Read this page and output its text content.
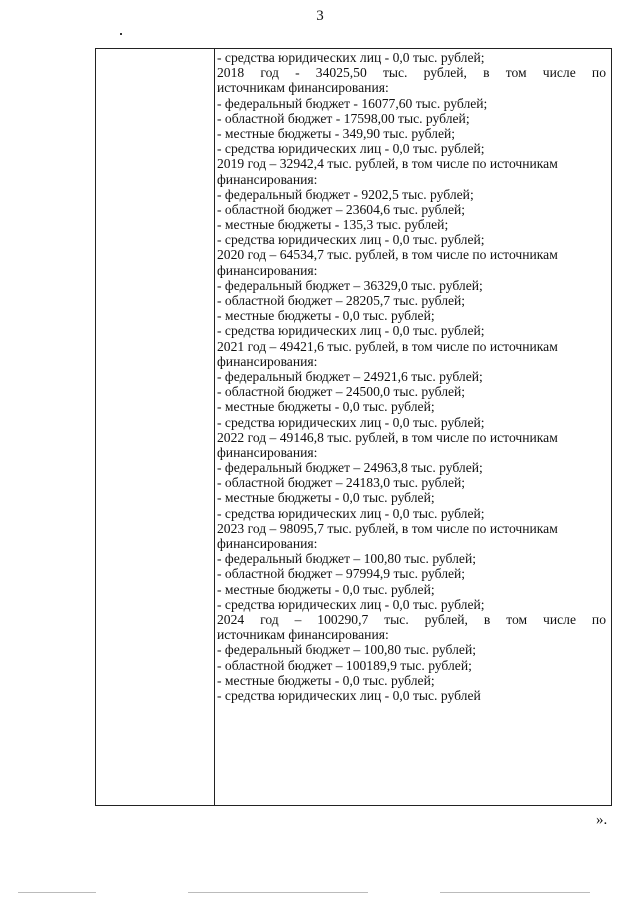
3
- средства юридических лиц - 0,0 тыс. рублей;
2018 год - 34025,50 тыс. рублей, в том числе по
источникам финансирования:
- федеральный бюджет - 16077,60 тыс. рублей;
- областной бюджет - 17598,00 тыс. рублей;
- местные бюджеты - 349,90 тыс. рублей;
- средства юридических лиц - 0,0 тыс. рублей;
2019 год – 32942,4 тыс. рублей, в том числе по источникам
финансирования:
- федеральный бюджет - 9202,5 тыс. рублей;
- областной бюджет – 23604,6 тыс. рублей;
- местные бюджеты - 135,3 тыс. рублей;
- средства юридических лиц - 0,0 тыс. рублей;
2020 год – 64534,7 тыс. рублей, в том числе по источникам
финансирования:
- федеральный бюджет – 36329,0 тыс. рублей;
- областной бюджет – 28205,7 тыс. рублей;
- местные бюджеты - 0,0 тыс. рублей;
- средства юридических лиц - 0,0 тыс. рублей;
2021 год – 49421,6 тыс. рублей, в том числе по источникам
финансирования:
- федеральный бюджет – 24921,6 тыс. рублей;
- областной бюджет – 24500,0 тыс. рублей;
- местные бюджеты - 0,0 тыс. рублей;
- средства юридических лиц - 0,0 тыс. рублей;
2022 год – 49146,8 тыс. рублей, в том числе по источникам
финансирования:
- федеральный бюджет – 24963,8 тыс. рублей;
- областной бюджет – 24183,0 тыс. рублей;
- местные бюджеты - 0,0 тыс. рублей;
- средства юридических лиц - 0,0 тыс. рублей;
2023 год – 98095,7 тыс. рублей, в том числе по источникам
финансирования:
- федеральный бюджет – 100,80 тыс. рублей;
- областной бюджет – 97994,9 тыс. рублей;
- местные бюджеты - 0,0 тыс. рублей;
- средства юридических лиц - 0,0 тыс. рублей;
2024 год – 100290,7 тыс. рублей, в том числе по
источникам финансирования:
- федеральный бюджет – 100,80 тыс. рублей;
- областной бюджет – 100189,9 тыс. рублей;
- местные бюджеты - 0,0 тыс. рублей;
- средства юридических лиц - 0,0 тыс. рублей
».
